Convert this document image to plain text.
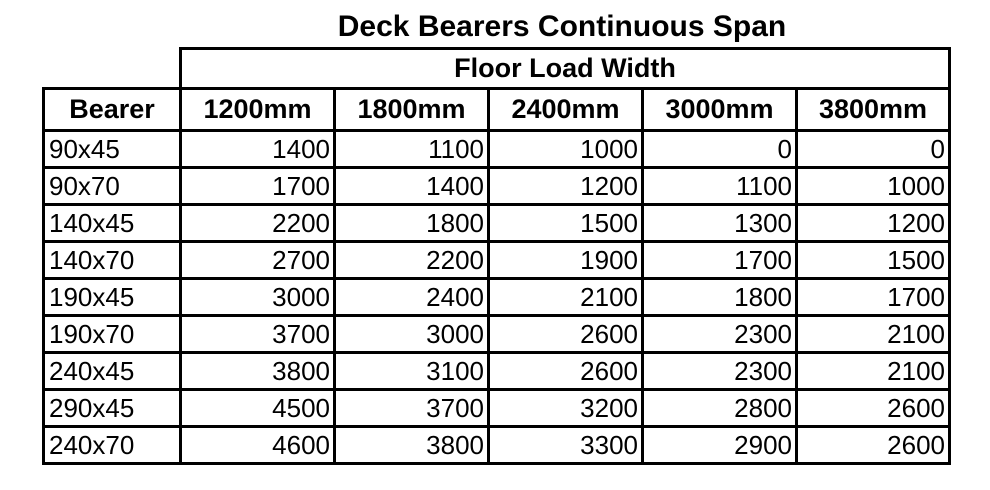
Deck Bearers Continuous Span
	Floor Load Width				
Bearer	1200mm	1800mm	2400mm	3000mm	3800mm
90x45	1400	1100	1000	0	0
90x70	1700	1400	1200	1100	1000
140x45	2200	1800	1500	1300	1200
140x70	2700	2200	1900	1700	1500
190x45	3000	2400	2100	1800	1700
190x70	3700	3000	2600	2300	2100
240x45	3800	3100	2600	2300	2100
290x45	4500	3700	3200	2800	2600
240x70	4600	3800	3300	2900	2600
